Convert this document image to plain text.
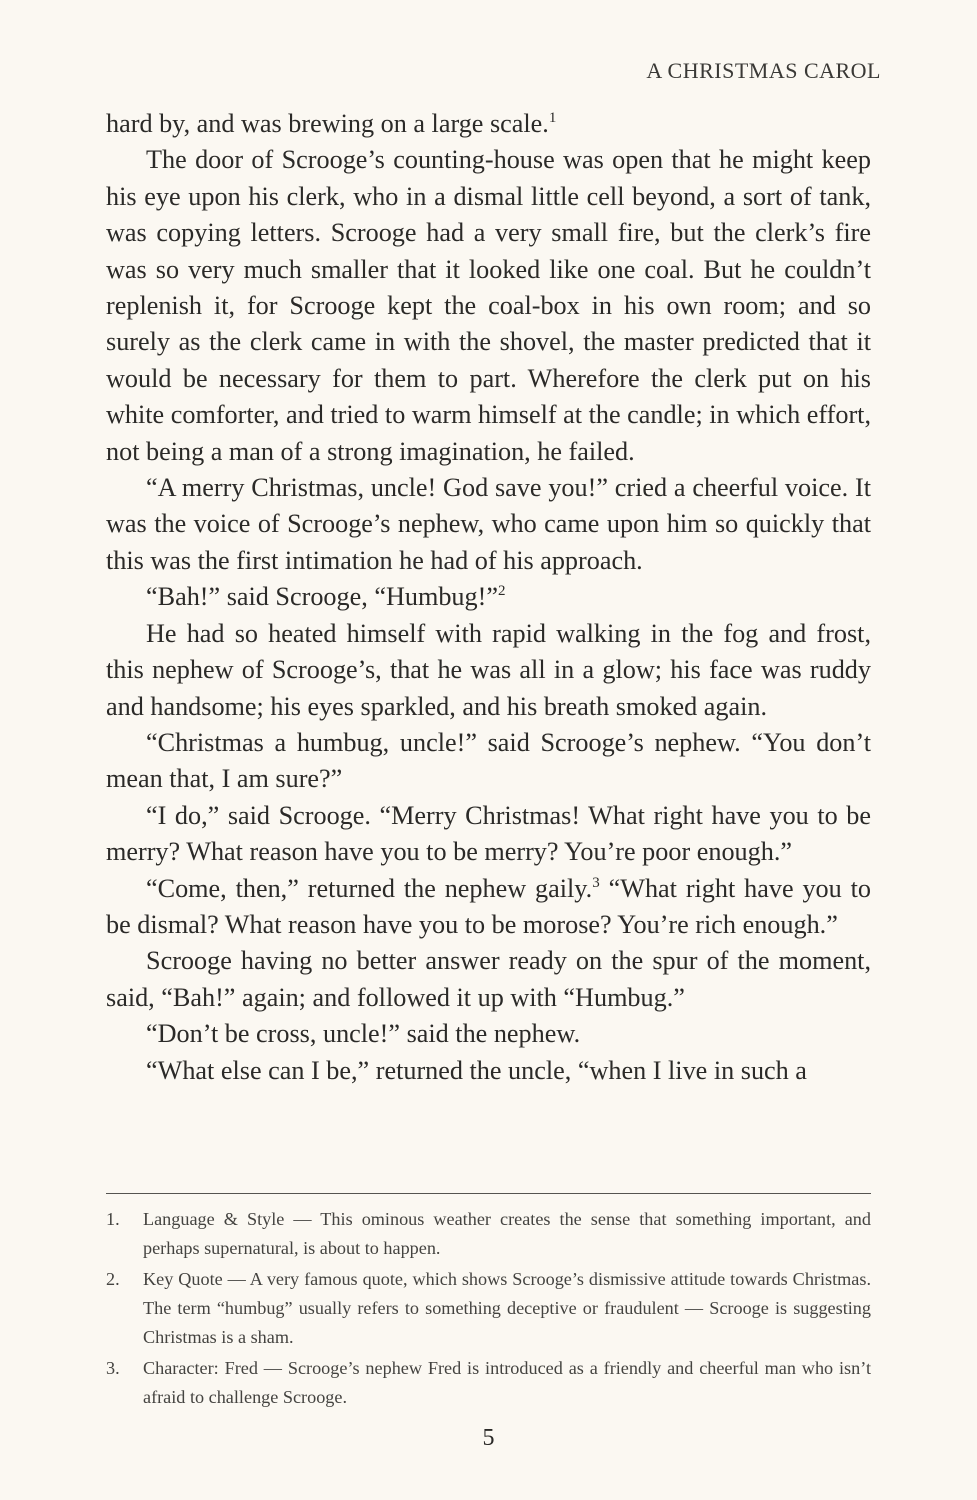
A CHRISTMAS CAROL

hard by, and was brewing on a large scale.$^1$

The door of Scrooge’s counting-house was open that he might keep his eye upon his clerk, who in a dismal little cell beyond, a sort of tank, was copying letters. Scrooge had a very small fire, but the clerk’s fire was so very much smaller that it looked like one coal. But he couldn’t replenish it, for Scrooge kept the coal-box in his own room; and so surely as the clerk came in with the shovel, the master predicted that it would be necessary for them to part. Wherefore the clerk put on his white comforter, and tried to warm himself at the candle; in which effort, not being a man of a strong imagination, he failed.

“A merry Christmas, uncle! God save you!” cried a cheerful voice. It was the voice of Scrooge’s nephew, who came upon him so quickly that this was the first intimation he had of his approach.

“Bah!” said Scrooge, “Humbug!”$^2$

He had so heated himself with rapid walking in the fog and frost, this nephew of Scrooge’s, that he was all in a glow; his face was ruddy and handsome; his eyes sparkled, and his breath smoked again.

“Christmas a humbug, uncle!” said Scrooge’s nephew. “You don’t mean that, I am sure?”

“I do,” said Scrooge. “Merry Christmas! What right have you to be merry? What reason have you to be merry? You’re poor enough.”

“Come, then,” returned the nephew gaily.$^3$ “What right have you to be dismal? What reason have you to be morose? You’re rich enough.”

Scrooge having no better answer ready on the spur of the moment, said, “Bah!” again; and followed it up with “Humbug.”

“Don’t be cross, uncle!” said the nephew.

“What else can I be,” returned the uncle, “when I live in such a

1.	Language & Style — This ominous weather creates the sense that something important, and perhaps supernatural, is about to happen.
2.	Key Quote — A very famous quote, which shows Scrooge’s dismissive attitude towards Christmas. The term “humbug” usually refers to something deceptive or fraudulent — Scrooge is suggesting Christmas is a sham.
3.	Character: Fred — Scrooge’s nephew Fred is introduced as a friendly and cheerful man who isn’t afraid to challenge Scrooge.
5
